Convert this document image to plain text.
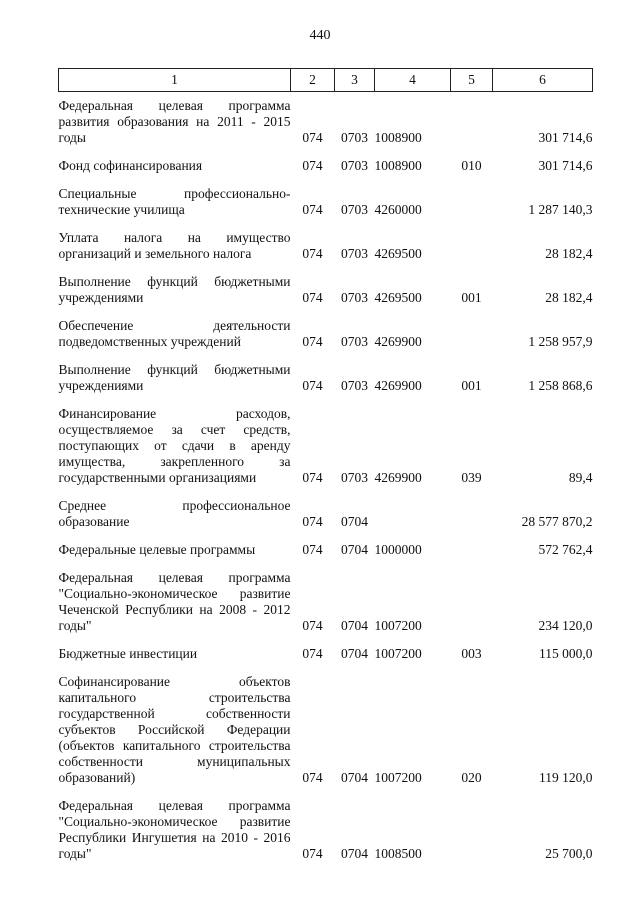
440
1	2	3	4	5	6
Федеральная целевая программа развития образования на 2011 - 2015 годы	074	0703	1008900		301 714,6
Фонд софинансирования	074	0703	1008900	010	301 714,6
Специальные профессионально-технические училища	074	0703	4260000		1 287 140,3
Уплата налога на имущество организаций и земельного налога	074	0703	4269500		28 182,4
Выполнение функций бюджетными учреждениями	074	0703	4269500	001	28 182,4
Обеспечение деятельности подведомственных учреждений	074	0703	4269900		1 258 957,9
Выполнение функций бюджетными учреждениями	074	0703	4269900	001	1 258 868,6
Финансирование расходов, осуществляемое за счет средств, поступающих от сдачи в аренду имущества, закрепленного за государственными организациями	074	0703	4269900	039	89,4
Среднее профессиональное образование	074	0704			28 577 870,2
Федеральные целевые программы	074	0704	1000000		572 762,4
Федеральная целевая программа "Социально-экономическое развитие Чеченской Республики на 2008 - 2012 годы"	074	0704	1007200		234 120,0
Бюджетные инвестиции	074	0704	1007200	003	115 000,0
Софинансирование объектов капитального строительства государственной собственности субъектов Российской Федерации (объектов капитального строительства собственности муниципальных образований)	074	0704	1007200	020	119 120,0
Федеральная целевая программа "Социально-экономическое развитие Республики Ингушетия на 2010 - 2016 годы"	074	0704	1008500		25 700,0
